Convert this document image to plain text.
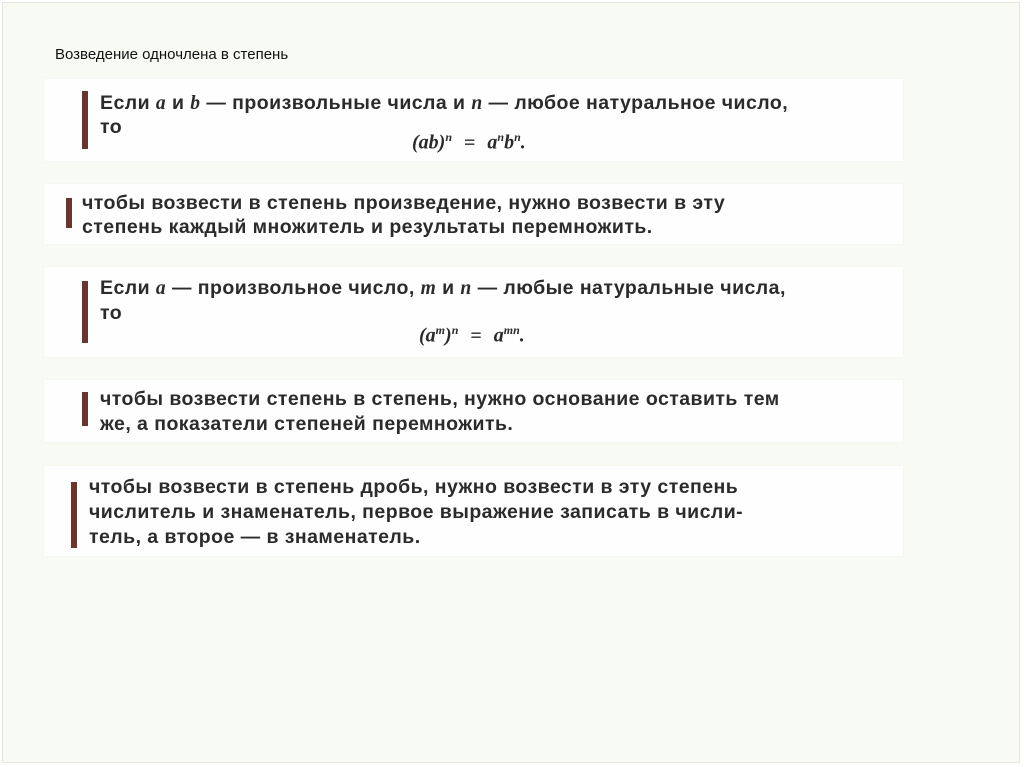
Возведение одночлена в степень
Если a и b — произвольные числа и n — любое натуральное число,
то
$(ab)^n = a^nb^n$.
чтобы возвести в степень произведение, нужно возвести в эту
степень каждый множитель и результаты перемножить.
Если a — произвольное число, m и n — любые натуральные числа,
то
$(a^m)^n = a^{mn}$.
чтобы возвести степень в степень, нужно основание оставить тем
же, а показатели степеней перемножить.
чтобы возвести в степень дробь, нужно возвести в эту степень
числитель и знаменатель, первое выражение записать в числи-
тель, а второе — в знаменатель.
